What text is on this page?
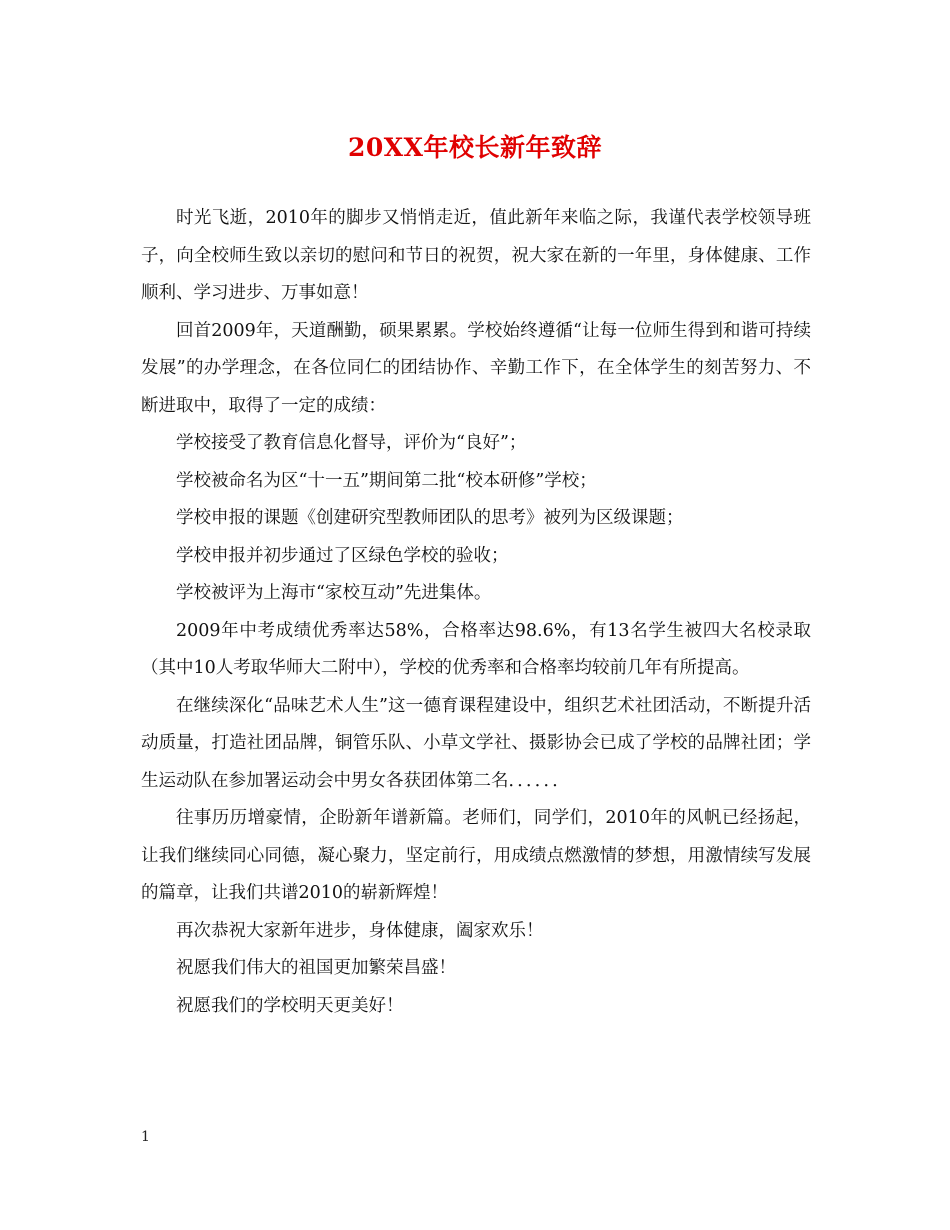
20XX年校长新年致辞

时光飞逝，2010年的脚步又悄悄走近，值此新年来临之际，我谨代表学校领导班子，向全校师生致以亲切的慰问和节日的祝贺，祝大家在新的一年里，身体健康、工作顺利、学习进步、万事如意！

回首2009年，天道酬勤，硕果累累。学校始终遵循“让每一位师生得到和谐可持续发展”的办学理念，在各位同仁的团结协作、辛勤工作下，在全体学生的刻苦努力、不断进取中，取得了一定的成绩：

学校接受了教育信息化督导，评价为“良好”；

学校被命名为区“十一五”期间第二批“校本研修”学校；

学校申报的课题《创建研究型教师团队的思考》被列为区级课题；

学校申报并初步通过了区绿色学校的验收；

学校被评为上海市“家校互动”先进集体。

2009年中考成绩优秀率达58%，合格率达98.6%，有13名学生被四大名校录取（其中10人考取华师大二附中），学校的优秀率和合格率均较前几年有所提高。

在继续深化“品味艺术人生”这一德育课程建设中，组织艺术社团活动，不断提升活动质量，打造社团品牌，铜管乐队、小草文学社、摄影协会已成了学校的品牌社团；学生运动队在参加署运动会中男女各获团体第二名．．．．．．

往事历历增豪情，企盼新年谱新篇。老师们，同学们，2010年的风帆已经扬起，让我们继续同心同德，凝心聚力，坚定前行，用成绩点燃激情的梦想，用激情续写发展的篇章，让我们共谱2010的崭新辉煌！

再次恭祝大家新年进步，身体健康，阖家欢乐！

祝愿我们伟大的祖国更加繁荣昌盛！

祝愿我们的学校明天更美好！

1
